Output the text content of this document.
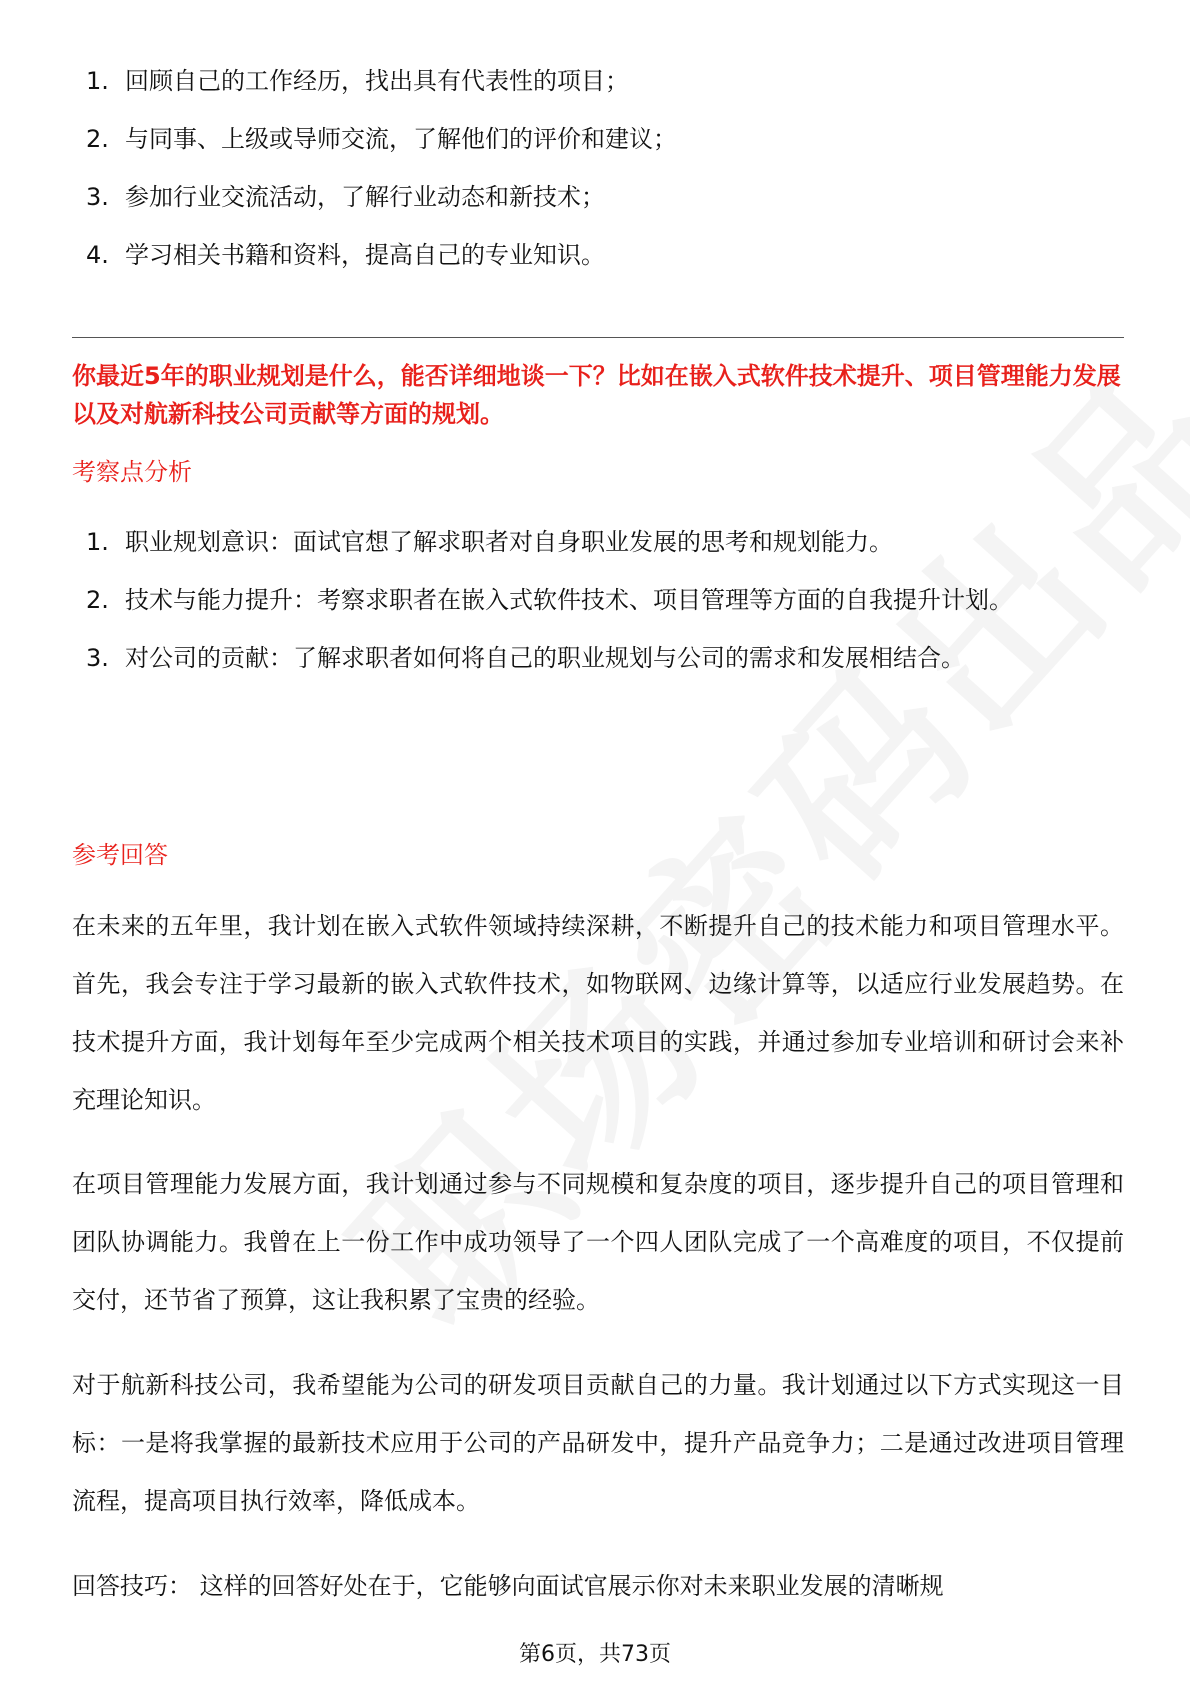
1. 回顾自己的工作经历，找出具有代表性的项目；
2. 与同事、上级或导师交流，了解他们的评价和建议；
3. 参加行业交流活动，了解行业动态和新技术；
4. 学习相关书籍和资料，提高自己的专业知识。

你最近5年的职业规划是什么，能否详细地谈一下？比如在嵌入式软件技术提升、项目管理能力发展以及对航新科技公司贡献等方面的规划。

考察点分析
1. 职业规划意识：面试官想了解求职者对自身职业发展的思考和规划能力。
2. 技术与能力提升：考察求职者在嵌入式软件技术、项目管理等方面的自我提升计划。
3. 对公司的贡献：了解求职者如何将自己的职业规划与公司的需求和发展相结合。
参考回答

在未来的五年里，我计划在嵌入式软件领域持续深耕，不断提升自己的技术能力和项目管理水平。首先，我会专注于学习最新的嵌入式软件技术，如物联网、边缘计算等，以适应行业发展趋势。在技术提升方面，我计划每年至少完成两个相关技术项目的实践，并通过参加专业培训和研讨会来补充理论知识。

在项目管理能力发展方面，我计划通过参与不同规模和复杂度的项目，逐步提升自己的项目管理和团队协调能力。我曾在上一份工作中成功领导了一个四人团队完成了一个高难度的项目，不仅提前交付，还节省了预算，这让我积累了宝贵的经验。

对于航新科技公司，我希望能为公司的研发项目贡献自己的力量。我计划通过以下方式实现这一目标：一是将我掌握的最新技术应用于公司的产品研发中，提升产品竞争力；二是通过改进项目管理流程，提高项目执行效率，降低成本。

回答技巧： 这样的回答好处在于，它能够向面试官展示你对未来职业发展的清晰规

第6页，共73页
